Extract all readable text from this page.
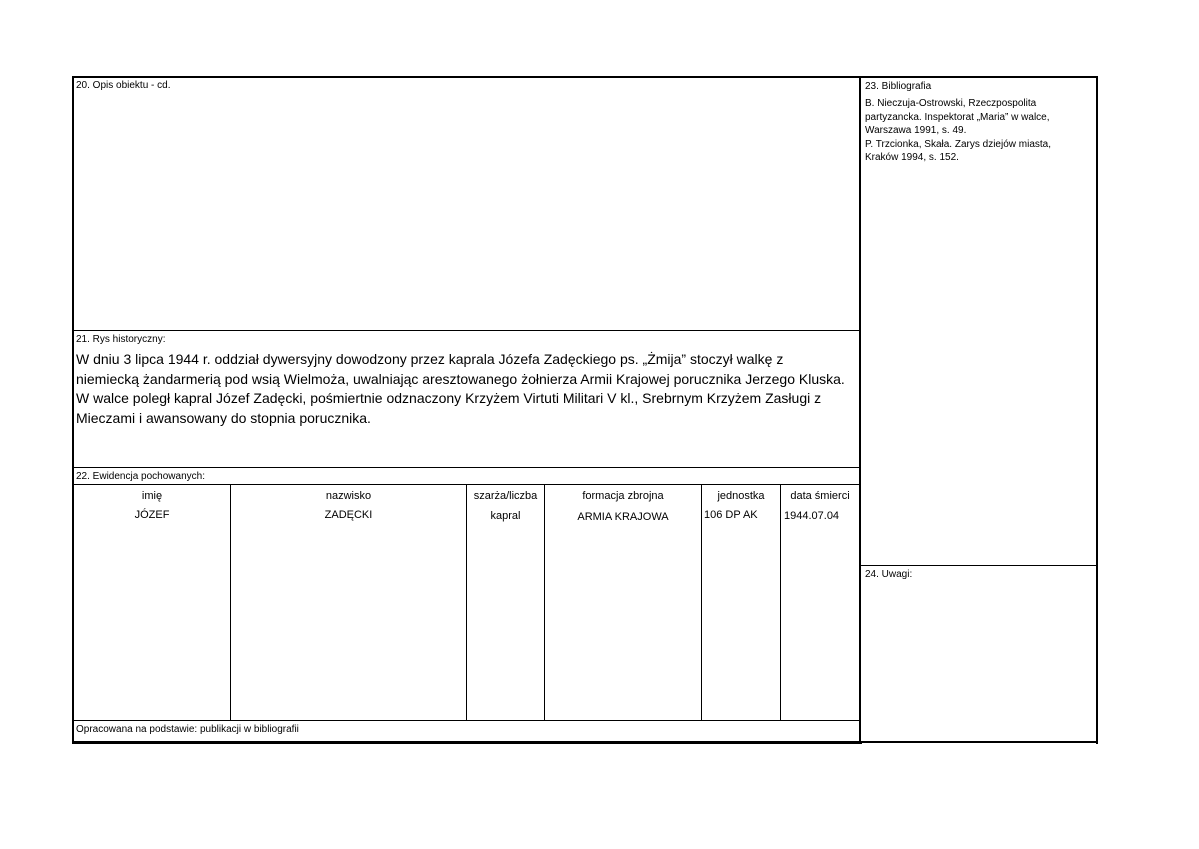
20. Opis obiektu - cd.
21. Rys historyczny:

W dniu 3 lipca 1944 r. oddział dywersyjny dowodzony przez kaprala Józefa Zadęckiego ps. „Żmija” stoczył walkę z

niemiecką żandarmerią pod wsią Wielmoża, uwalniając aresztowanego żołnierza Armii Krajowej porucznika Jerzego Kluska.

W walce poległ kapral Józef Zadęcki, pośmiertnie odznaczony Krzyżem Virtuti Militari V kl., Srebrnym Krzyżem Zasługi z

Mieczami i awansowany do stopnia porucznika.

22. Ewidencja pochowanych:
imię	nazwisko	szarża/liczba	formacja zbrojna	jednostka	data śmierci
JÓZEF	ZADĘCKI	kapral	ARMIA KRAJOWA	106 DP AK 1944.07.04
Opracowana na podstawie: publikacji w bibliografii
23. Bibliografia

B. Nieczuja-Ostrowski, Rzeczpospolita

partyzancka. Inspektorat „Maria” w walce,

Warszawa 1991, s. 49.

P. Trzcionka, Skała. Zarys dziejów miasta,

Kraków 1994, s. 152.

24. Uwagi:
